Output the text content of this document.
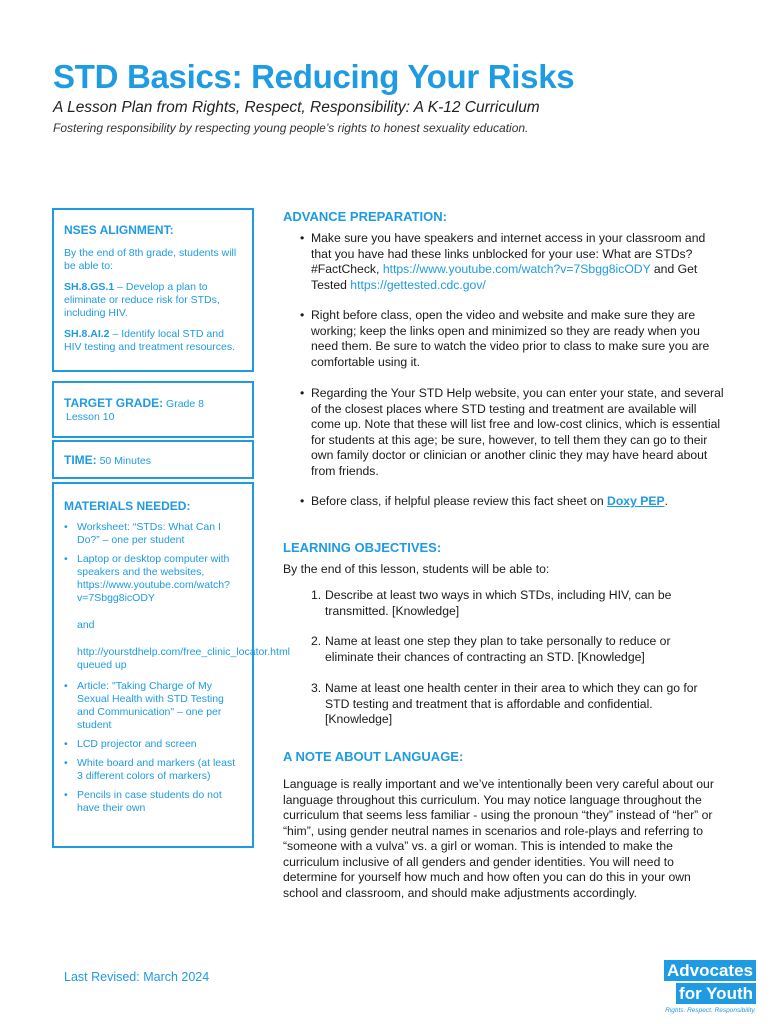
STD Basics: Reducing Your Risks
A Lesson Plan from Rights, Respect, Responsibility: A K-12 Curriculum
Fostering responsibility by respecting young people’s rights to honest sexuality education.
NSES ALIGNMENT:

By the end of 8th grade, students will be able to:

SH.8.GS.1 – Develop a plan to eliminate or reduce risk for STDs, including HIV.

SH.8.AI.2 – Identify local STD and HIV testing and treatment resources.

TARGET GRADE: Grade 8
Lesson 10
TIME: 50 Minutes
MATERIALS NEEDED:
• Worksheet: “STDs: What Can I Do?” – one per student
• Laptop or desktop computer with speakers and the websites, https://www.youtube.com/watch?v=7Sbgg8icODY
and
http://yourstdhelp.com/free_clinic_locator.html queued up
• Article: "Taking Charge of My Sexual Health with STD Testing and Communication" – one per student
• LCD projector and screen
• White board and markers (at least 3 different colors of markers)
• Pencils in case students do not have their own
ADVANCE PREPARATION:
• Make sure you have speakers and internet access in your classroom and that you have had these links unblocked for your use: What are STDs? #FactCheck, https://www.youtube.com/watch?v=7Sbgg8icODY and Get Tested https://gettested.cdc.gov/
• Right before class, open the video and website and make sure they are working; keep the links open and minimized so they are ready when you need them. Be sure to watch the video prior to class to make sure you are comfortable using it.
• Regarding the Your STD Help website, you can enter your state, and several of the closest places where STD testing and treatment are available will come up. Note that these will list free and low-cost clinics, which is essential for students at this age; be sure, however, to tell them they can go to their own family doctor or clinician or another clinic they may have heard about from friends.
• Before class, if helpful please review this fact sheet on Doxy PEP.
LEARNING OBJECTIVES:
By the end of this lesson, students will be able to:
1. Describe at least two ways in which STDs, including HIV, can be transmitted. [Knowledge]
2. Name at least one step they plan to take personally to reduce or eliminate their chances of contracting an STD. [Knowledge]
3. Name at least one health center in their area to which they can go for STD testing and treatment that is affordable and confidential. [Knowledge]
A NOTE ABOUT LANGUAGE:
Language is really important and we’ve intentionally been very careful about our language throughout this curriculum. You may notice language throughout the curriculum that seems less familiar - using the pronoun “they” instead of “her” or “him”, using gender neutral names in scenarios and role-plays and referring to “someone with a vulva” vs. a girl or woman. This is intended to make the curriculum inclusive of all genders and gender identities. You will need to determine for yourself how much and how often you can do this in your own school and classroom, and should make adjustments accordingly.
Last Revised: March 2024	Advocates
for Youth
Rights. Respect. Responsibility.
